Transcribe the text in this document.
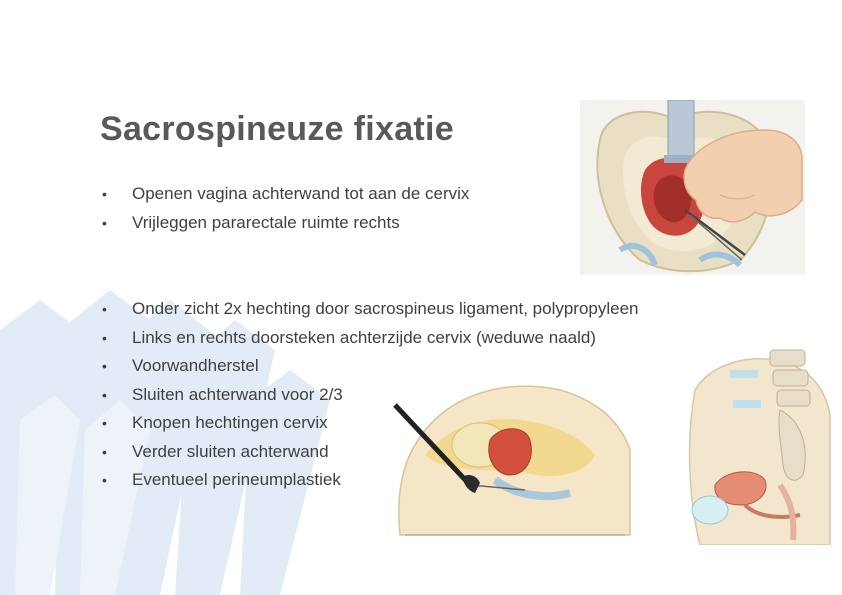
Sacrospineuze fixatie
• Openen vagina achterwand tot aan de cervix
• Vrijleggen pararectale ruimte rechts
• Onder zicht 2x hechting door sacrospineus ligament, polypropyleen
• Links en rechts doorsteken achterzijde cervix (weduwe naald)
• Voorwandherstel
• Sluiten achterwand voor 2/3
• Knopen hechtingen cervix
• Verder sluiten achterwand
• Eventueel perineumplastiek
